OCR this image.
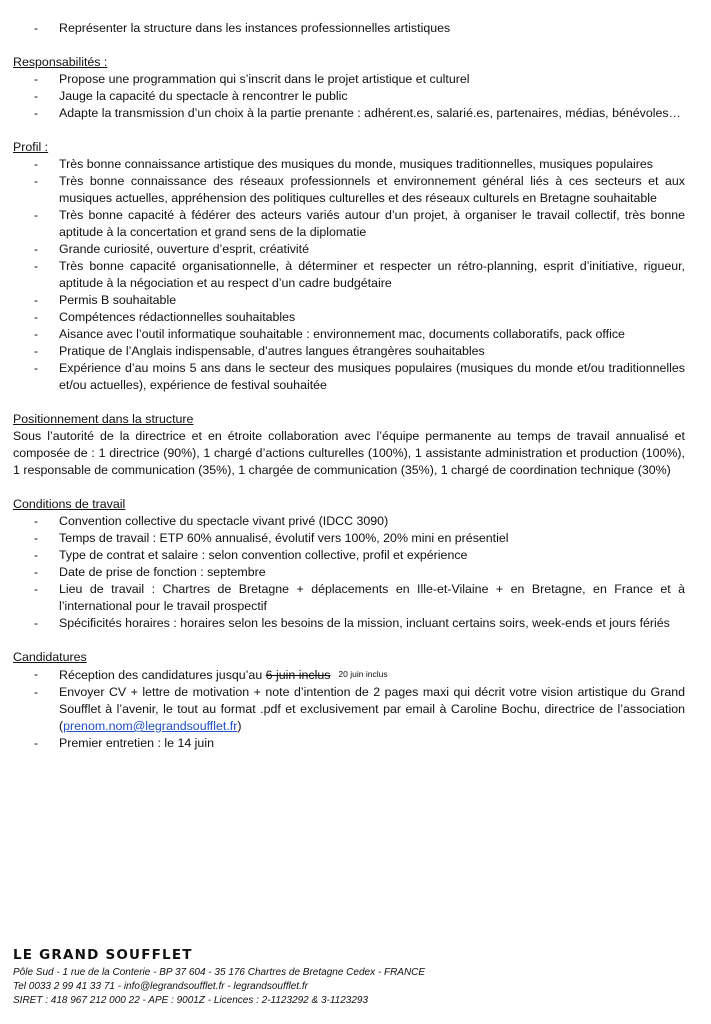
- Représenter la structure dans les instances professionnelles artistiques
Responsabilités :
- Propose une programmation qui s’inscrit dans le projet artistique et culturel
- Jauge la capacité du spectacle à rencontrer le public
- Adapte la transmission d’un choix à la partie prenante : adhérent.es, salarié.es, partenaires, médias, bénévoles…
Profil :
- Très bonne connaissance artistique des musiques du monde, musiques traditionnelles, musiques populaires
- Très bonne connaissance des réseaux professionnels et environnement général liés à ces secteurs et aux musiques actuelles, appréhension des politiques culturelles et des réseaux culturels en Bretagne souhaitable
- Très bonne capacité à fédérer des acteurs variés autour d’un projet, à organiser le travail collectif, très bonne aptitude à la concertation et grand sens de la diplomatie
- Grande curiosité, ouverture d’esprit, créativité
- Très bonne capacité organisationnelle, à déterminer et respecter un rétro-planning, esprit d’initiative, rigueur, aptitude à la négociation et au respect d’un cadre budgétaire
- Permis B souhaitable
- Compétences rédactionnelles souhaitables
- Aisance avec l’outil informatique souhaitable : environnement mac, documents collaboratifs, pack office
- Pratique de l’Anglais indispensable, d’autres langues étrangères souhaitables
- Expérience d’au moins 5 ans dans le secteur des musiques populaires (musiques du monde et/ou traditionnelles et/ou actuelles), expérience de festival souhaitée
Positionnement dans la structure
Sous l’autorité de la directrice et en étroite collaboration avec l’équipe permanente au temps de travail annualisé et composée de : 1 directrice (90%), 1 chargé d’actions culturelles (100%), 1 assistante administration et production (100%), 1 responsable de communication (35%), 1 chargée de communication (35%), 1 chargé de coordination technique (30%)
Conditions de travail
- Convention collective du spectacle vivant privé (IDCC 3090)
- Temps de travail : ETP 60% annualisé, évolutif vers 100%, 20% mini en présentiel
- Type de contrat et salaire : selon convention collective, profil et expérience
- Date de prise de fonction : septembre
- Lieu de travail : Chartres de Bretagne + déplacements en Ille-et-Vilaine + en Bretagne, en France et à l’international pour le travail prospectif
- Spécificités horaires : horaires selon les besoins de la mission, incluant certains soirs, week-ends et jours fériés
Candidatures
- Réception des candidatures jusqu’au 6 juin inclus 20 juin inclus
- Envoyer CV + lettre de motivation + note d’intention de 2 pages maxi qui décrit votre vision artistique du Grand Soufflet à l’avenir, le tout au format .pdf et exclusivement par email à Caroline Bochu, directrice de l’association (prenom.nom@legrandsoufflet.fr)
- Premier entretien : le 14 juin
LE GRAND SOUFFLET
Pôle Sud - 1 rue de la Conterie - BP 37 604 - 35 176 Chartres de Bretagne Cedex - FRANCE
Tel 0033 2 99 41 33 71 - info@legrandsoufflet.fr - legrandsoufflet.fr
SIRET : 418 967 212 000 22 - APE : 9001Z - Licences : 2-1123292 & 3-1123293
